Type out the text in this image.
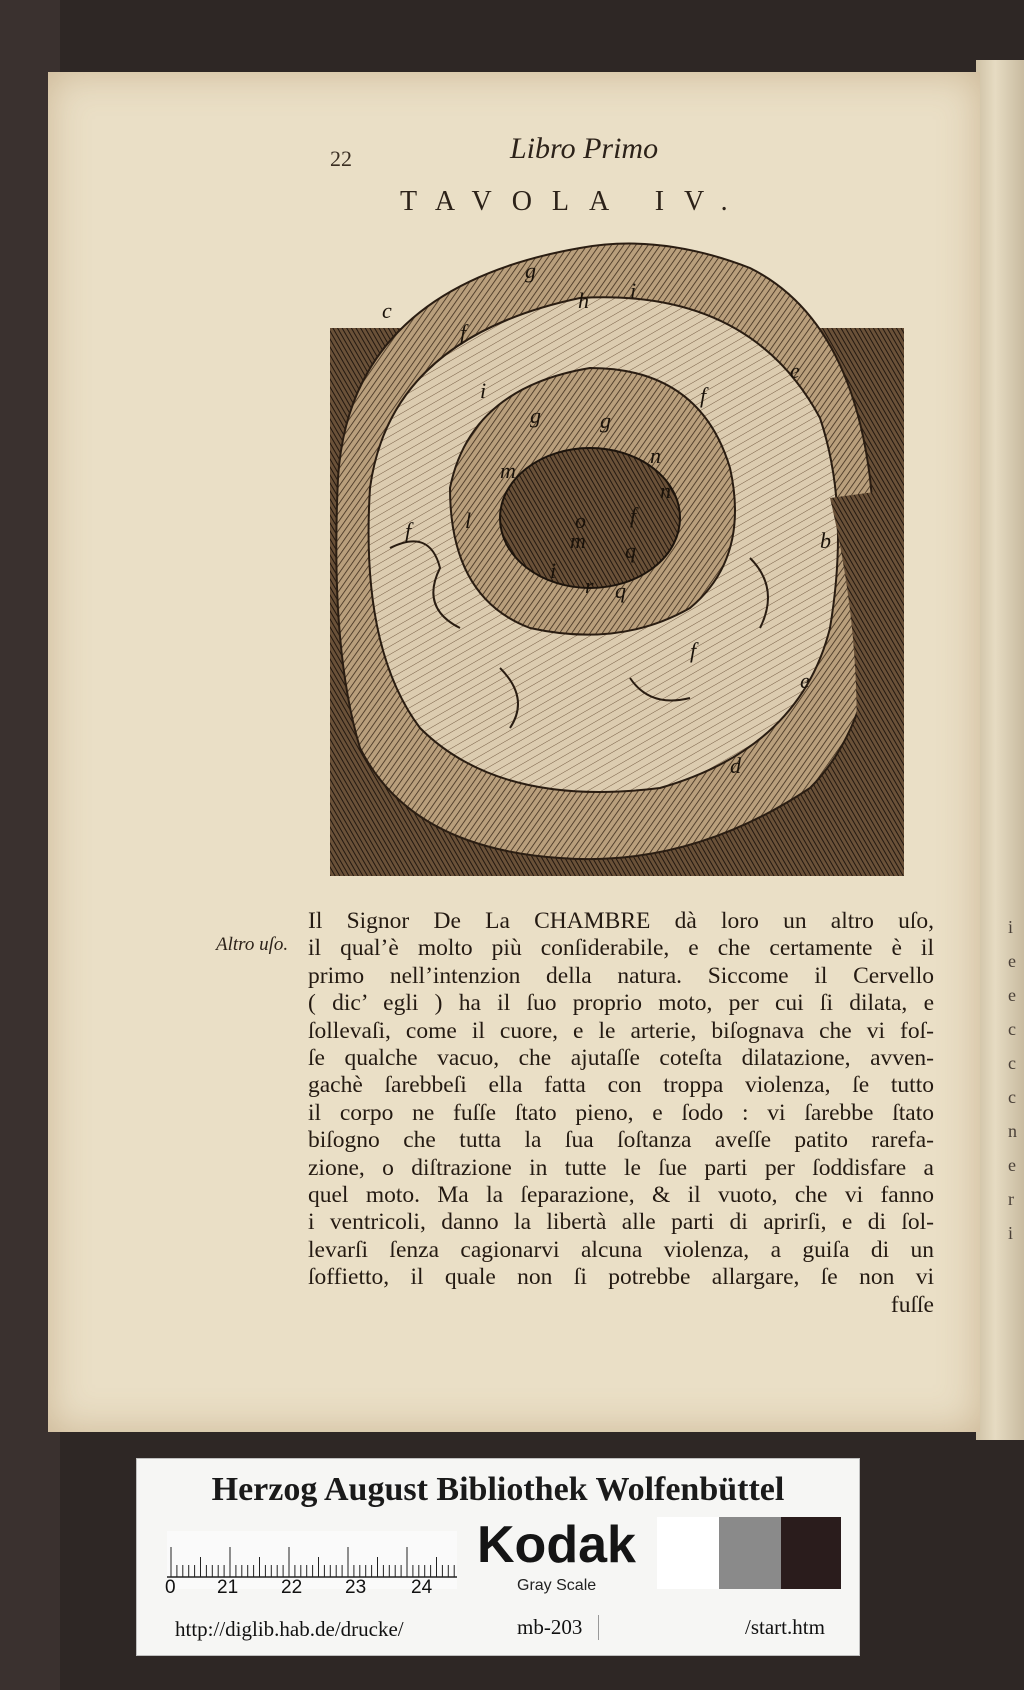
i
e
e
c
c
c
n
e
r
i
22	Libro Primo
TAVOLA IV.
g
h i
c
f
e
f
b
i
g	g
n
m
l
n
f
o
m q
r q
i
f
f
e
d
Altro uſo.
Il Signor De La CHAMBRE dà loro un altro uſo,
il qual’è molto più conſiderabile, e che certamente è il
primo nell’intenzion della natura. Siccome il Cervello
( dic’ egli ) ha il ſuo proprio moto, per cui ſi dilata, e
ſollevaſi, come il cuore, e le arterie, biſognava che vi foſ-
ſe qualche vacuo, che ajutaſſe coteſta dilatazione, avven-
gachè ſarebbeſi ella fatta con troppa violenza, ſe tutto
il corpo ne fuſſe ſtato pieno, e ſodo : vi ſarebbe ſtato
biſogno che tutta la ſua ſoſtanza aveſſe patito rarefa-
zione, o diſtrazione in tutte le ſue parti per ſoddisfare a
quel moto. Ma la ſeparazione, & il vuoto, che vi fanno
i ventricoli, danno la libertà alle parti di aprirſi, e di ſol-
levarſi ſenza cagionarvi alcuna violenza, a guiſa di un
ſoffietto, il quale non ſi potrebbe allargare, ſe non vi
fuſſe
Herzog August Bibliothek Wolfenbüttel
0 21 22 23 24
Kodak
Gray Scale
http://diglib.hab.de/drucke/	mb-203	/start.htm
